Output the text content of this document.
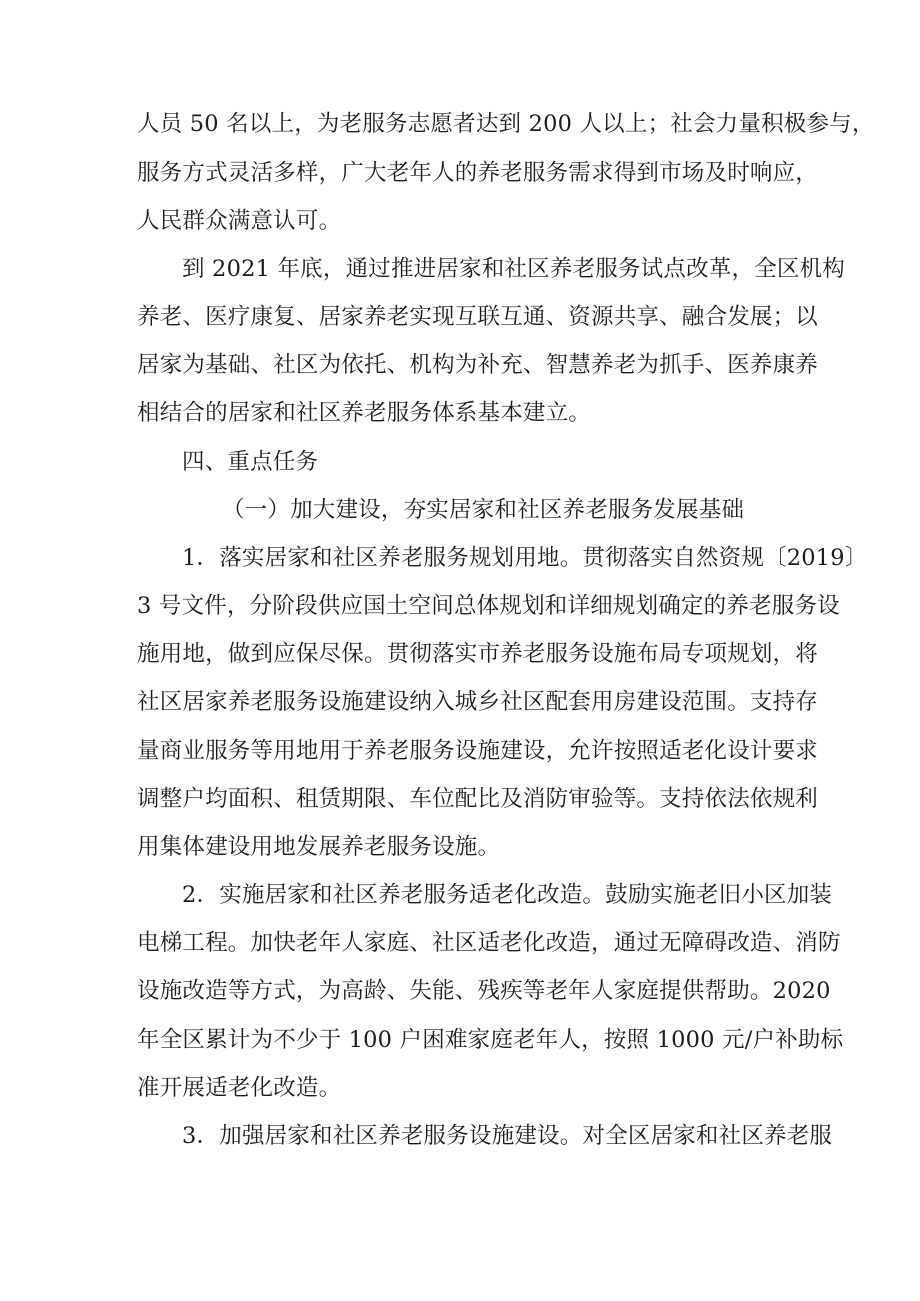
人员 50 名以上，为老服务志愿者达到 200 人以上；社会力量积极参与，
服务方式灵活多样，广大老年人的养老服务需求得到市场及时响应，
人民群众满意认可。
到 2021 年底，通过推进居家和社区养老服务试点改革，全区机构
养老、医疗康复、居家养老实现互联互通、资源共享、融合发展；以
居家为基础、社区为依托、机构为补充、智慧养老为抓手、医养康养
相结合的居家和社区养老服务体系基本建立。
四、重点任务
（一）加大建设，夯实居家和社区养老服务发展基础
1．落实居家和社区养老服务规划用地。贯彻落实自然资规〔2019〕
3 号文件，分阶段供应国土空间总体规划和详细规划确定的养老服务设
施用地，做到应保尽保。贯彻落实市养老服务设施布局专项规划，将
社区居家养老服务设施建设纳入城乡社区配套用房建设范围。支持存
量商业服务等用地用于养老服务设施建设，允许按照适老化设计要求
调整户均面积、租赁期限、车位配比及消防审验等。支持依法依规利
用集体建设用地发展养老服务设施。
2．实施居家和社区养老服务适老化改造。鼓励实施老旧小区加装
电梯工程。加快老年人家庭、社区适老化改造，通过无障碍改造、消防
设施改造等方式，为高龄、失能、残疾等老年人家庭提供帮助。2020
年全区累计为不少于 100 户困难家庭老年人，按照 1000 元/户补助标
准开展适老化改造。
3．加强居家和社区养老服务设施建设。对全区居家和社区养老服
